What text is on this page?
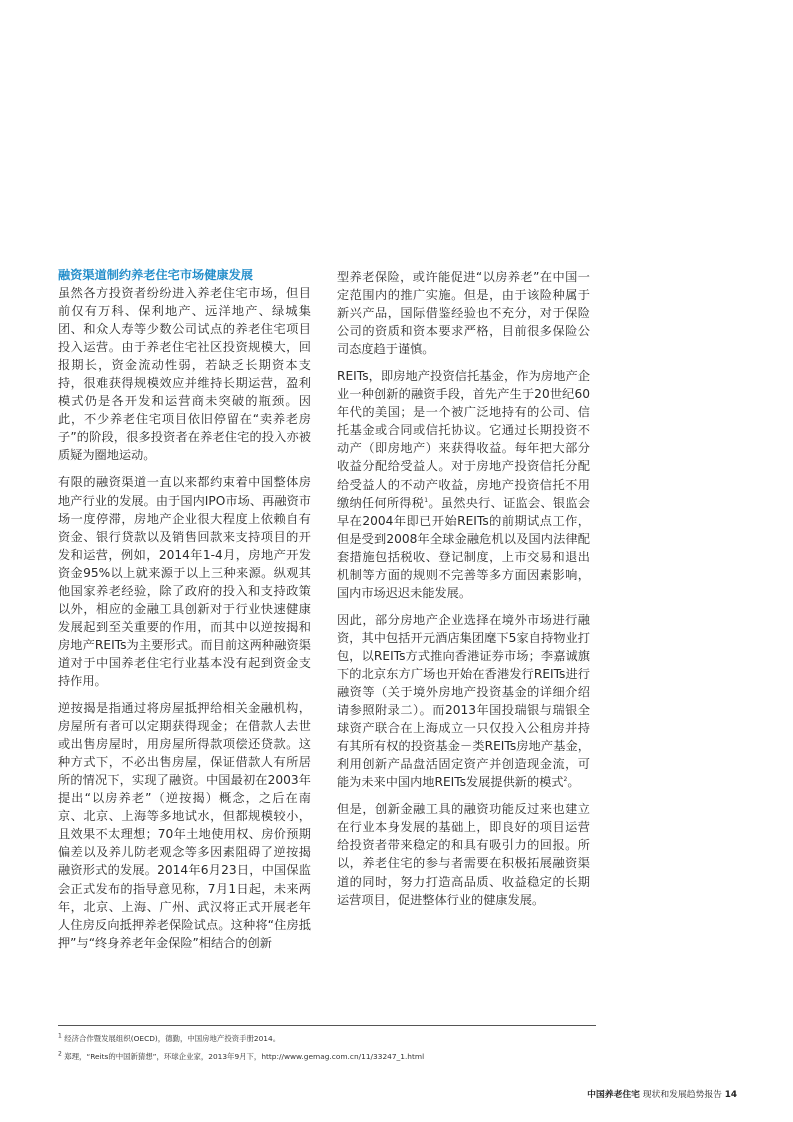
融资渠道制约养老住宅市场健康发展

虽然各方投资者纷纷进入养老住宅市场，但目前仅有万科、保利地产、远洋地产、绿城集团、和众人寿等少数公司试点的养老住宅项目投入运营。由于养老住宅社区投资规模大，回报期长，资金流动性弱，若缺乏长期资本支持，很难获得规模效应并维持长期运营，盈利模式仍是各开发和运营商未突破的瓶颈。因此，不少养老住宅项目依旧停留在“卖养老房子”的阶段，很多投资者在养老住宅的投入亦被质疑为圈地运动。

有限的融资渠道一直以来都约束着中国整体房地产行业的发展。由于国内IPO市场、再融资市场一度停滞，房地产企业很大程度上依赖自有资金、银行贷款以及销售回款来支持项目的开发和运营，例如，2014年1-4月，房地产开发资金95%以上就来源于以上三种来源。纵观其他国家养老经验，除了政府的投入和支持政策以外，相应的金融工具创新对于行业快速健康发展起到至关重要的作用，而其中以逆按揭和房地产REITs为主要形式。而目前这两种融资渠道对于中国养老住宅行业基本没有起到资金支持作用。

逆按揭是指通过将房屋抵押给相关金融机构，房屋所有者可以定期获得现金；在借款人去世或出售房屋时，用房屋所得款项偿还贷款。这种方式下，不必出售房屋，保证借款人有所居所的情况下，实现了融资。中国最初在2003年提出“以房养老”（逆按揭）概念，之后在南京、北京、上海等多地试水，但都规模较小，且效果不太理想；70年土地使用权、房价预期偏差以及养儿防老观念等多因素阻碍了逆按揭融资形式的发展。2014年6月23日，中国保监会正式发布的指导意见称，7月1日起，未来两年，北京、上海、广州、武汉将正式开展老年人住房反向抵押养老保险试点。这种将“住房抵押”与“终身养老年金保险”相结合的创新

型养老保险，或许能促进“以房养老”在中国一定范围内的推广实施。但是，由于该险种属于新兴产品，国际借鉴经验也不充分，对于保险公司的资质和资本要求严格，目前很多保险公司态度趋于谨慎。

REITs，即房地产投资信托基金，作为房地产企业一种创新的融资手段，首先产生于20世纪60年代的美国；是一个被广泛地持有的公司、信托基金或合同或信托协议。它通过长期投资不动产（即房地产）来获得收益。每年把大部分收益分配给受益人。对于房地产投资信托分配给受益人的不动产收益，房地产投资信托不用缴纳任何所得税$^1$。虽然央行、证监会、银监会早在2004年即已开始REITs的前期试点工作，但是受到2008年全球金融危机以及国内法律配套措施包括税收、登记制度，上市交易和退出机制等方面的规则不完善等多方面因素影响，国内市场迟迟未能发展。

因此，部分房地产企业选择在境外市场进行融资，其中包括开元酒店集团麾下5家自持物业打包，以REITs方式推向香港证券市场；李嘉诚旗下的北京东方广场也开始在香港发行REITs进行融资等（关于境外房地产投资基金的详细介绍请参照附录二）。而2013年国投瑞银与瑞银全球资产联合在上海成立一只仅投入公租房并持有其所有权的投资基金－类REITs房地产基金，利用创新产品盘活固定资产并创造现金流，可能为未来中国内地REITs发展提供新的模式$^2$。

但是，创新金融工具的融资功能反过来也建立在行业本身发展的基础上，即良好的项目运营给投资者带来稳定的和具有吸引力的回报。所以，养老住宅的参与者需要在积极拓展融资渠道的同时，努力打造高品质、收益稳定的长期运营项目，促进整体行业的健康发展。

$^1$ 经济合作暨发展组织(OECD)，德勤，中国房地产投资手册2014。
$^2$ 郑理，“Reits的中国新猜想”，环球企业家，2013年9月下，http://www.gemag.com.cn/11/33247_1.html
中国养老住宅 现状和发展趋势报告 14
